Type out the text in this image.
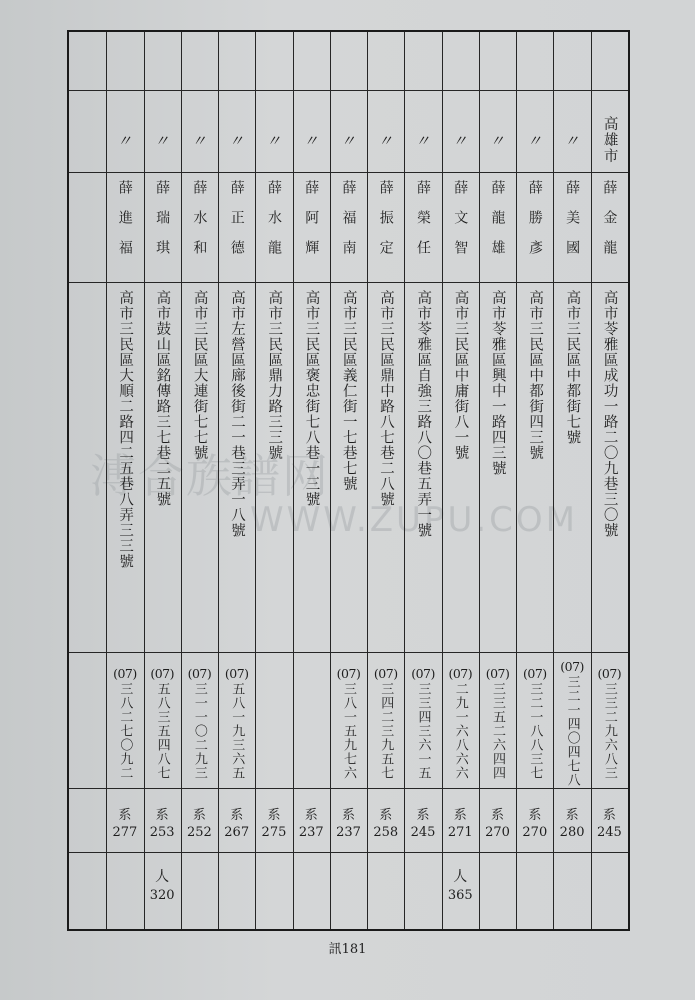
溥合族譜网
WWW.ZUPU.COM
高雄市
薛金龍
高市苓雅區成功一路二〇九巷三〇號
(07)
三三二九六八三
系
245
〃
薛美國
高市三民區中都街七號
(07)
三二一四〇四七八
系
280
〃
薛勝彥
高市三民區中都街四三號
(07)
三二一八八三七
系
270
〃
薛龍雄
高市苓雅區興中一路四三號
(07)
三三五二六四四
系
270
〃
薛文智
高市三民區中庸街八一號
(07)
二九一六八六六
系
271
人
365
〃
薛榮任
高市苓雅區自強三路八〇巷五弄一號
(07)
三三四三六一五
系
245
〃
薛振定
高市三民區鼎中路八七巷二八號
(07)
三四二三九五七
系
258
〃
薛福南
高市三民區義仁街一七巷七號
(07)
三八一五九七六
系
237
〃
薛阿輝
高市三民區褒忠街七八巷一三號
系
237
〃
薛水龍
高市三民區鼎力路三三號
系
275
〃
薛正德
高市左營區廍後街二一巷三弄一八號
(07)
五八一九三六五
系
267
〃
薛水和
高市三民區大連街七七號
(07)
三一一〇二九三
系
252
〃
薛瑞琪
高市鼓山區銘傳路三七巷二五號
(07)
五八三五四八七
系
253
人
320
〃
薛進福
高市三民區大順二路四二五巷八弄三三號
(07)
三八二七〇九二
系
277
訊181
